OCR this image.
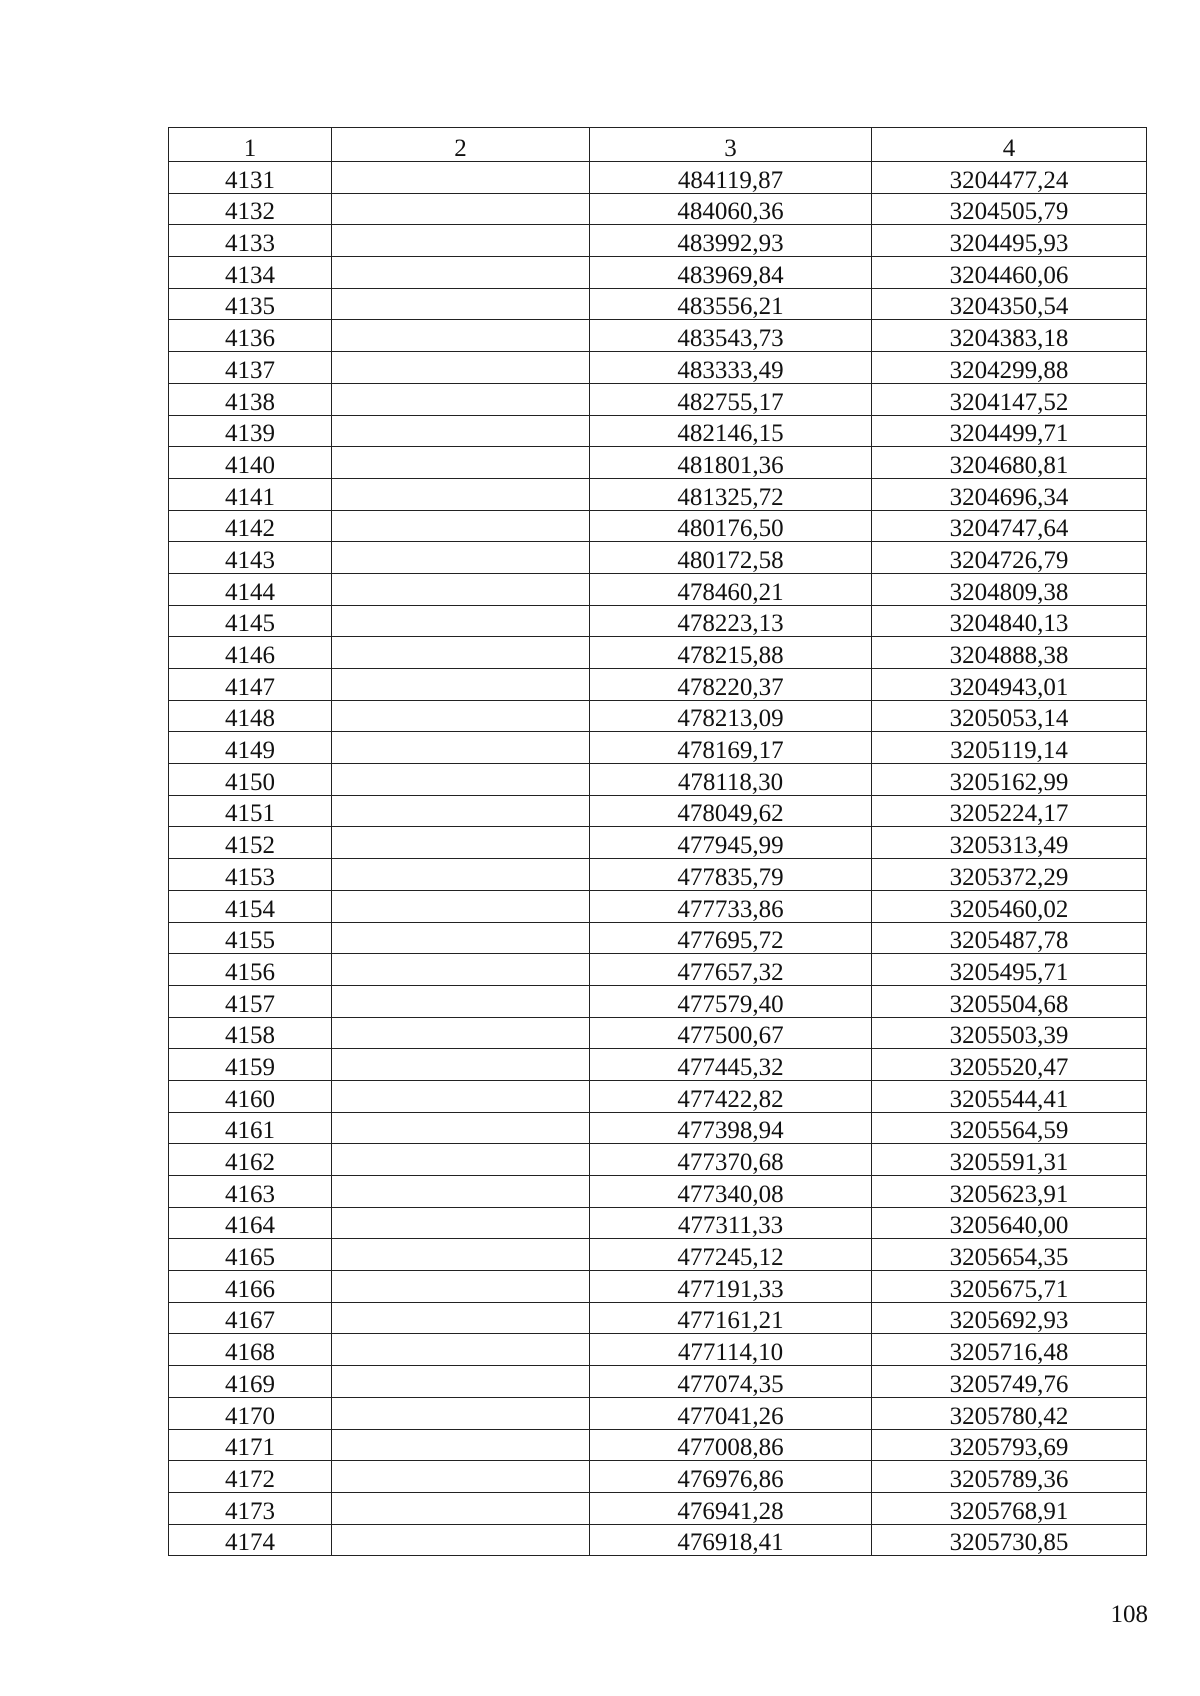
1	2	3	4
4131		484119,87	3204477,24
4132		484060,36	3204505,79
4133		483992,93	3204495,93
4134		483969,84	3204460,06
4135		483556,21	3204350,54
4136		483543,73	3204383,18
4137		483333,49	3204299,88
4138		482755,17	3204147,52
4139		482146,15	3204499,71
4140		481801,36	3204680,81
4141		481325,72	3204696,34
4142		480176,50	3204747,64
4143		480172,58	3204726,79
4144		478460,21	3204809,38
4145		478223,13	3204840,13
4146		478215,88	3204888,38
4147		478220,37	3204943,01
4148		478213,09	3205053,14
4149		478169,17	3205119,14
4150		478118,30	3205162,99
4151		478049,62	3205224,17
4152		477945,99	3205313,49
4153		477835,79	3205372,29
4154		477733,86	3205460,02
4155		477695,72	3205487,78
4156		477657,32	3205495,71
4157		477579,40	3205504,68
4158		477500,67	3205503,39
4159		477445,32	3205520,47
4160		477422,82	3205544,41
4161		477398,94	3205564,59
4162		477370,68	3205591,31
4163		477340,08	3205623,91
4164		477311,33	3205640,00
4165		477245,12	3205654,35
4166		477191,33	3205675,71
4167		477161,21	3205692,93
4168		477114,10	3205716,48
4169		477074,35	3205749,76
4170		477041,26	3205780,42
4171		477008,86	3205793,69
4172		476976,86	3205789,36
4173		476941,28	3205768,91
4174		476918,41	3205730,85
108
